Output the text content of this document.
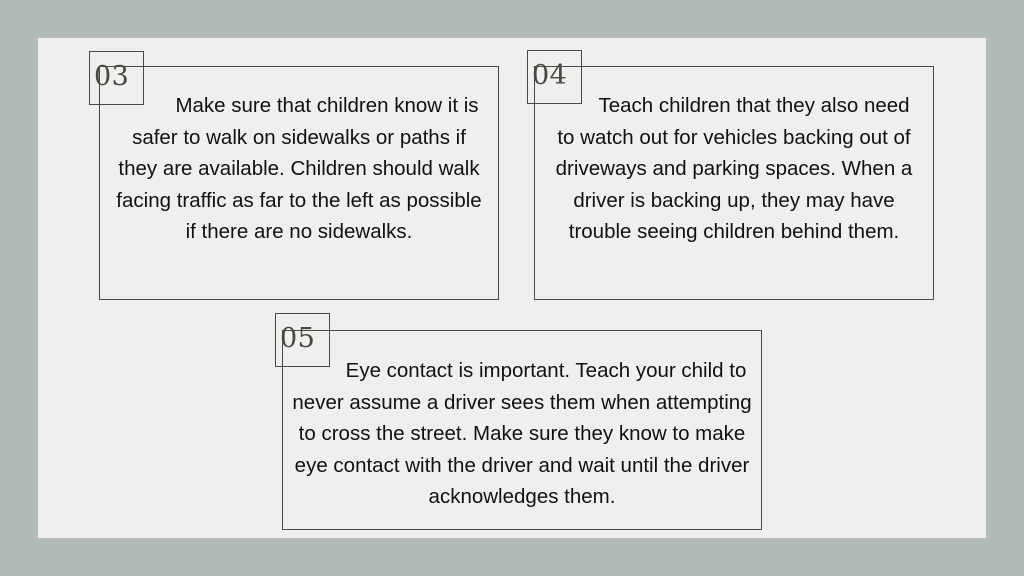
Make sure that children know it is safer to walk on sidewalks or paths if they are available. Children should walk facing traffic as far to the left as possible if there are no sidewalks.

03

Teach children that they also need to watch out for vehicles backing out of driveways and parking spaces. When a driver is backing up, they may have trouble seeing children behind them.

04

Eye contact is important. Teach your child to never assume a driver sees them when attempting to cross the street. Make sure they know to make eye contact with the driver and wait until the driver acknowledges them.

05
